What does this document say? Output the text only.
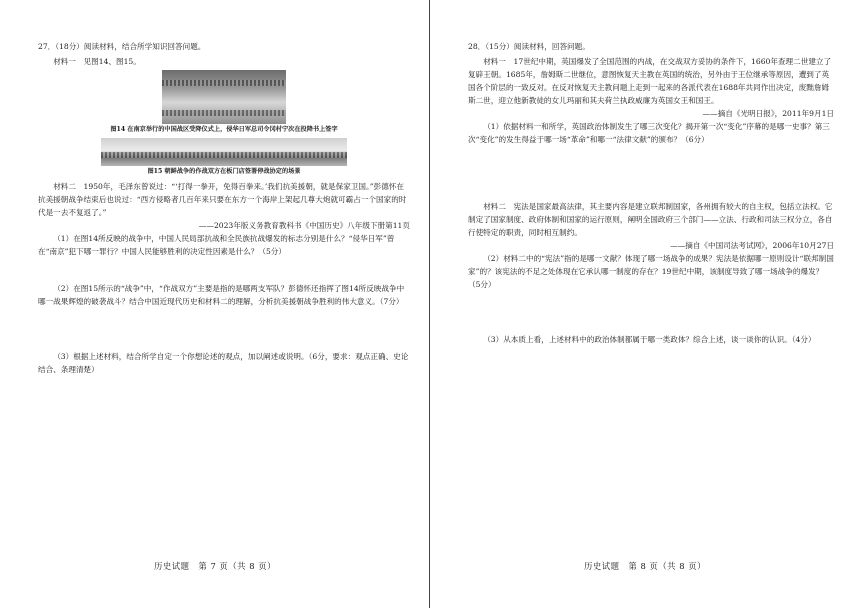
27．（18分）阅读材料，结合所学知识回答问题。

材料一　见图14、图15。

图14 在南京举行的中国战区受降仪式上，侵华日军总司令冈村宁次在投降书上签字

图15 朝鲜战争的作战双方在板门店签署停战协定的场景

材料二　1950年，毛泽东曾说过：“‘打得一拳开，免得百拳来。’我们抗美援朝，就是保家卫国。”彭德怀在抗美援朝战争结束后也说过：“西方侵略者几百年来只要在东方一个海岸上架起几尊大炮就可霸占一个国家的时代是一去不复返了。”

——2023年版义务教育教科书《中国历史》八年级下册第11页

（1）在图14所反映的战争中，中国人民局部抗战和全民族抗战爆发的标志分别是什么？“侵华日军”曾在“南京”犯下哪一罪行？中国人民能够胜利的决定性因素是什么？（5分）

（2）在图15所示的“战争”中，“作战双方”主要是指的是哪两支军队？彭德怀还指挥了图14所反映战争中哪一战果辉煌的破袭战斗？结合中国近现代历史和材料二的理解，分析抗美援朝战争胜利的伟大意义。（7分）

（3）根据上述材料，结合所学自定一个你想论述的观点，加以阐述或说明。（6分，要求：观点正确、史论结合、条理清楚）

历史试题　第 7 页（共 8 页）

28．（15分）阅读材料，回答问题。

材料一　17世纪中期，英国爆发了全国范围的内战，在交战双方妥协的条件下，1660年查理二世建立了复辟王朝。1685年，詹姆斯二世继位，意图恢复天主教在英国的统治，另外由于王位继承等原因，遭到了英国各个阶层的一致反对。在反对恢复天主教问题上走到一起来的各派代表在1688年共同作出决定，废黜詹姆斯二世，迎立他新教徒的女儿玛丽和其夫荷兰执政威廉为英国女王和国王。

——摘自《光明日报》，2011年9月1日

（1）依据材料一和所学，英国政治体制发生了哪三次变化？揭开第一次“变化”序幕的是哪一史事？第三次“变化”的发生得益于哪一场“革命”和哪一“法律文献”的颁布？（6分）

材料二　宪法是国家最高法律，其主要内容是建立联邦制国家，各州拥有较大的自主权，包括立法权。它制定了国家制度、政府体制和国家的运行原则，阐明全国政府三个部门——立法、行政和司法三权分立，各自行使特定的职责，同时相互制约。

——摘自《中国司法考试网》，2006年10月27日

（2）材料二中的“宪法”指的是哪一文献？体现了哪一场战争的成果？宪法是依据哪一原则设计“联邦制国家”的？该宪法的不足之处体现在它承认哪一制度的存在？19世纪中期，该制度导致了哪一场战争的爆发？（5分）

（3）从本质上看，上述材料中的政治体制都属于哪一类政体？综合上述，谈一谈你的认识。（4分）

历史试题　第 8 页（共 8 页）
